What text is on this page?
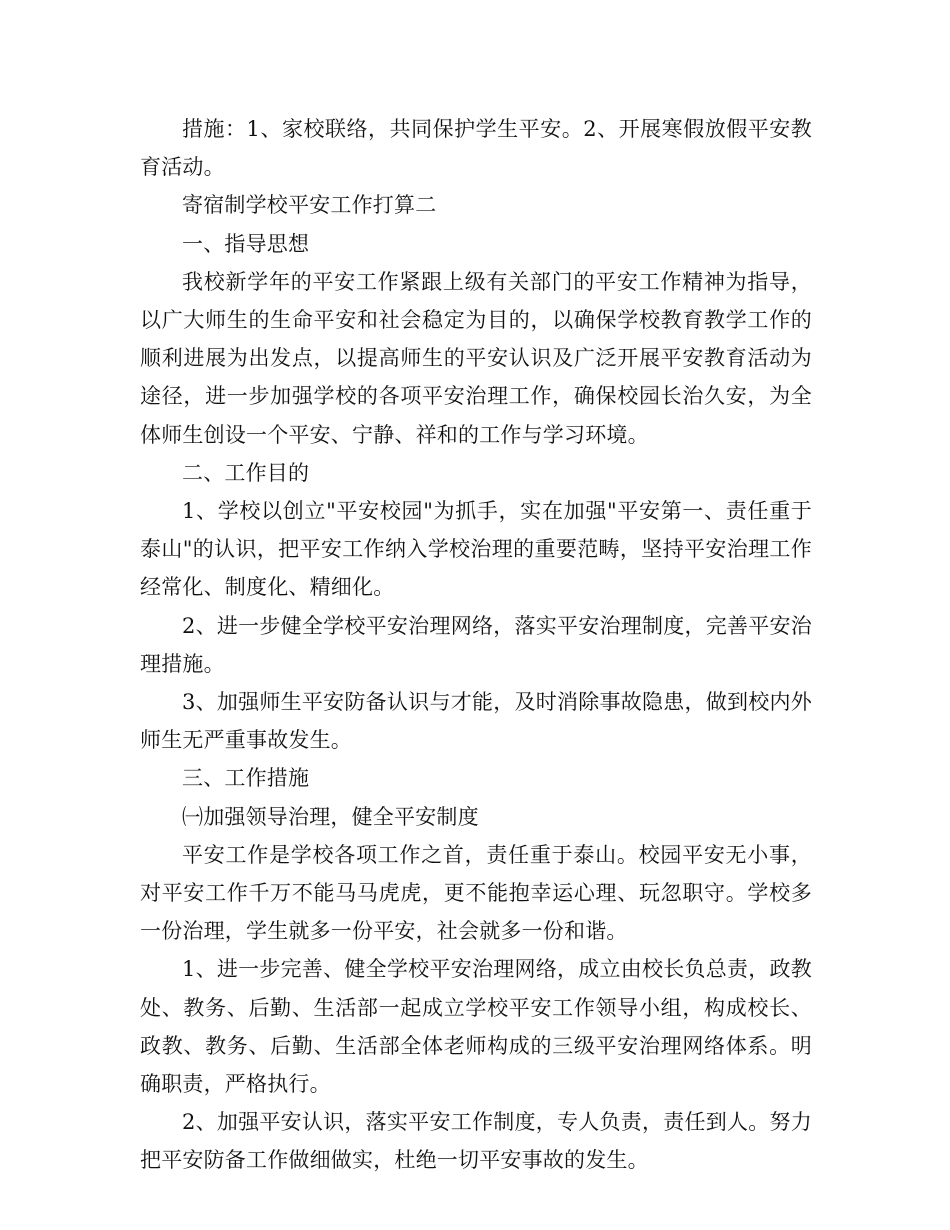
措施：1、家校联络，共同保护学生平安。2、开展寒假放假平安教育活动。

寄宿制学校平安工作打算二

一、指导思想

我校新学年的平安工作紧跟上级有关部门的平安工作精神为指导，以广大师生的生命平安和社会稳定为目的，以确保学校教育教学工作的顺利进展为出发点，以提高师生的平安认识及广泛开展平安教育活动为途径，进一步加强学校的各项平安治理工作，确保校园长治久安，为全体师生创设一个平安、宁静、祥和的工作与学习环境。

二、工作目的

1、学校以创立"平安校园"为抓手，实在加强"平安第一、责任重于泰山"的认识，把平安工作纳入学校治理的重要范畴，坚持平安治理工作经常化、制度化、精细化。

2、进一步健全学校平安治理网络，落实平安治理制度，完善平安治理措施。

3、加强师生平安防备认识与才能，及时消除事故隐患，做到校内外师生无严重事故发生。

三、工作措施

㈠加强领导治理，健全平安制度

平安工作是学校各项工作之首，责任重于泰山。校园平安无小事，对平安工作千万不能马马虎虎，更不能抱幸运心理、玩忽职守。学校多一份治理，学生就多一份平安，社会就多一份和谐。

1、进一步完善、健全学校平安治理网络，成立由校长负总责，政教处、教务、后勤、生活部一起成立学校平安工作领导小组，构成校长、政教、教务、后勤、生活部全体老师构成的三级平安治理网络体系。明确职责，严格执行。

2、加强平安认识，落实平安工作制度，专人负责，责任到人。努力把平安防备工作做细做实，杜绝一切平安事故的发生。
